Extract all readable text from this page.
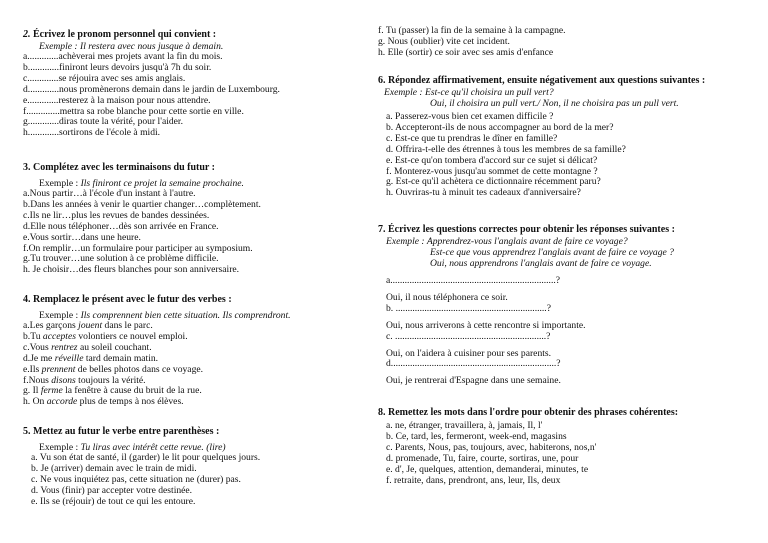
2. Écrivez le pronom personnel qui convient :
Exemple : Il restera avec nous jusque à demain.
a.............achèverai mes projets avant la fin du mois.
b.............finiront leurs devoirs jusqu'à 7h du soir.
c.............se réjouira avec ses amis anglais.
d.............nous promènerons demain dans le jardin de Luxembourg.
e.............resterez à la maison pour nous attendre.
f..............mettra sa robe blanche pour cette sortie en ville.
g.............diras toute la vérité, pour l'aider.
h.............sortirons de l'école à midi.
3. Complétez avec les terminaisons du futur :
Exemple : Ils finiront ce projet la semaine prochaine.
a.Nous partir…à l'école d'un instant à l'autre.
b.Dans les années à venir le quartier changer…complètement.
c.Ils ne lir…plus les revues de bandes dessinées.
d.Elle nous téléphoner…dès son arrivée en France.
e.Vous sortir…dans une heure.
f.On remplir…un formulaire pour participer au symposium.
g.Tu trouver…une solution à ce problème difficile.
h. Je choisir…des fleurs blanches pour son anniversaire.
4. Remplacez le présent avec le futur des verbes :
Exemple : Ils comprennent bien cette situation. Ils comprendront.
a.Les garçons jouent dans le parc.
b.Tu acceptes volontiers ce nouvel emploi.
c.Vous rentrez au soleil couchant.
d.Je me réveille tard demain matin.
e.Ils prennent de belles photos dans ce voyage.
f.Nous disons toujours la vérité.
g. Il ferme la fenêtre à cause du bruit de la rue.
h. On accorde plus de temps à nos élèves.
5. Mettez au futur le verbe entre parenthèses :
Exemple : Tu liras avec intérêt cette revue. (lire)
a. Vu son état de santé, il (garder) le lit pour quelques jours.
b. Je (arriver) demain avec le train de midi.
c. Ne vous inquiétez pas, cette situation ne (durer) pas.
d. Vous (finir) par accepter votre destinée.
e. Ils se (réjouir) de tout ce qui les entoure.
f. Tu (passer) la fin de la semaine à la campagne.
g. Nous (oublier) vite cet incident.
h. Elle (sortir) ce soir avec ses amis d'enfance
6. Répondez affirmativement, ensuite négativement aux questions suivantes :
Exemple : Est-ce qu'il choisira un pull vert?
Oui, il choisira un pull vert./ Non, il ne choisira pas un pull vert.
a. Passerez-vous bien cet examen difficile ?
b. Accepteront-ils de nous accompagner au bord de la mer?
c. Est-ce que tu prendras le dîner en famille?
d. Offrira-t-elle des étrennes à tous les membres de sa famille?
e. Est-ce qu'on tombera d'accord sur ce sujet si délicat?
f. Monterez-vous jusqu'au sommet de cette montagne ?
g. Est-ce qu'il achètera ce dictionnaire récemment paru?
h. Ouvriras-tu à minuit tes cadeaux d'anniversaire?
7. Écrivez les questions correctes pour obtenir les réponses suivantes :
Exemple : Apprendrez-vous l'anglais avant de faire ce voyage?
Est-ce que vous apprendrez l'anglais avant de faire ce voyage ?
Oui, nous apprendrons l'anglais avant de faire ce voyage.
a.....................................................................?
Oui, il nous téléphonera ce soir.
b. ...............................................................?
Oui, nous arriverons à cette rencontre si importante.
c. ...............................................................?
Oui, on l'aidera à cuisiner pour ses parents.
d.....................................................................?
Oui, je rentrerai d'Espagne dans une semaine.
8. Remettez les mots dans l'ordre pour obtenir des phrases cohérentes:
a. ne, étranger, travaillera, à, jamais, Il, l'
b. Ce, tard, les, fermeront, week-end, magasins
c. Parents, Nous, pas, toujours, avec, habiterons, nos,n'
d. promenade, Tu, faire, courte, sortiras, une, pour
e. d', Je, quelques, attention, demanderai, minutes, te
f. retraite, dans, prendront, ans, leur, Ils, deux
